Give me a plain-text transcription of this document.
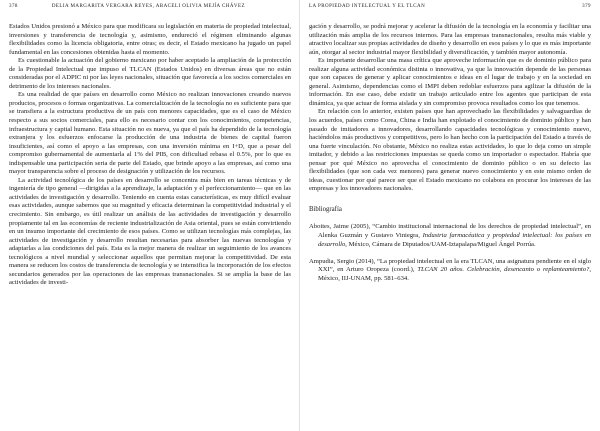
378	DELIA MARGARITA VERGARA REYES, ABACELI OLIVIA MEJÍA CHÁVEZ

Estados Unidos presionó a México para que modificara su legislación en materia de propiedad intelectual, inversiones y transferencia de tecnología y, asimismo, endureció el régimen eliminando algunas flexibilidades como la licencia obligatoria, entre otras; es decir, el Estado mexicano ha jugado un papel fundamental en las concesiones obtenidas hasta el momento.

Es cuestionable la actuación del gobierno mexicano por haber aceptado la ampliación de la protección de la Propiedad Intelectual que impuso el TLCAN (Estados Unidos) en diversas áreas que no están consideradas por el ADPIC ni por las leyes nacionales, situación que favorecía a los socios comerciales en detrimento de los intereses nacionales.

Es una realidad de que países en desarrollo como México no realizan innovaciones creando nuevos productos, procesos o formas organizativas. La comercialización de la tecnología no es suficiente para que se transfiera a la estructura productiva de un país con menores capacidades, que es el caso de México respecto a sus socios comerciales, para ello es necesario contar con los conocimientos, competencias, infraestructura y capital humano. Esta situación no es nueva, ya que el país ha dependido de la tecnología extranjera y los esfuerzos enfocarse la producción de una industria de bienes de capital fueron insuficientes, así como el apoyo a las empresas, con una inversión mínima en I+D, que a pesar del compromiso gubernamental de aumentarla al 1% del PIB, con dificultad rebasa el 0.5%, por lo que es indispensable una participación seria de parte del Estado, que brinde apoyo a las empresas, así como una mayor transparencia sobre el proceso de designación y utilización de los recursos.

La actividad tecnológica de los países en desarrollo se concentra más bien en tareas técnicas y de ingeniería de tipo general —dirigidas a la aprendizaje, la adaptación y el perfeccionamiento— que en las actividades de investigación y desarrollo. Teniendo en cuenta estas características, es muy difícil evaluar esas actividades, aunque sabemos que su magnitud y eficacia determinan la competitividad industrial y el crecimiento. Sin embargo, es útil realizar un análisis de las actividades de investigación y desarrollo propiamente tal en las economías de reciente industrialización de Asia oriental, pues se están convirtiendo en un insumo importante del crecimiento de esos países. Como se utilizan tecnologías más complejas, las actividades de investigación y desarrollo resultan necesarias para absorber las nuevas tecnologías y adaptarlas a las condiciones del país. Esta es la mejor manera de realizar un seguimiento de los avances tecnológicos a nivel mundial y seleccionar aquellos que permitan mejorar la competitividad. De esta manera se reducen los costos de transferencia de tecnología y se intensifica la incorporación de los efectos secundarios generados por las operaciones de las empresas transnacionales. Si se amplía la base de las actividades de investi-

LA PROPIEDAD INTELECTUAL Y EL TLCAN	379

gación y desarrollo, se podrá mejorar y acelerar la difusión de la tecnología en la economía y facilitar una utilización más amplia de los recursos internos. Para las empresas transnacionales, resulta más viable y atractivo localizar sus propias actividades de diseño y desarrollo en esos países y lo que es más importante aún, otorgar al sector industrial mayor flexibilidad y diversificación, y también mayor autonomía.

Es importante desarrollar una masa crítica que aproveche información que es de dominio público para realizar alguna actividad económica distinta o innovativa, ya que la innovación depende de las personas que son capaces de generar y aplicar conocimientos e ideas en el lugar de trabajo y en la sociedad en general. Asimismo, dependencias como el IMPI deben redoblar esfuerzos para agilizar la difusión de la información. En ese caso, debe existir un trabajo articulado entre los agentes que participan de esta dinámica, ya que actuar de forma aislada y sin compromiso provoca resultados como los que tenemos.

En relación con lo anterior, existen países que han aprovechado las flexibilidades y salvaguardias de los acuerdos, países como Corea, China e India han explotado el conocimiento de dominio público y han pasado de imitadores a innovadores, desarrollando capacidades tecnológicas y conocimiento nuevo, haciéndolos más productivos y competitivos, pero lo han hecho con la participación del Estado a través de una fuerte vinculación. No obstante, México no realiza estas actividades, lo que lo deja como un simple imitador, y debido a las restricciones impuestas se queda como un importador o espectador. Habría que pensar por qué México no aprovecha el conocimiento de dominio público o en su defecto las flexibilidades (que son cada vez menores) para generar nuevo conocimiento y en este mismo orden de ideas, cuestionar por qué parece ser que el Estado mexicano no colabora en procurar los intereses de las empresas y los innovadores nacionales.

Bibliografía

Aboites, Jaime (2005), “Cambio institucional internacional de los derechos de propiedad intelectual”, en Alenka Guzmán y Gustavo Viniegra, Industria farmacéutica y propiedad intelectual: los países en desarrollo, México, Cámara de Diputados/UAM-Iztapalapa/Miguel Ángel Porrúa.

Ampudia, Sergio (2014), “La propiedad intelectual en la era TLCAN, una asignatura pendiente en el siglo XXI”, en Arturo Oropeza (coord.), TLCAN 20 años. Celebración, desencanto o replanteamiento?, México, IIJ-UNAM, pp. 581–634.
